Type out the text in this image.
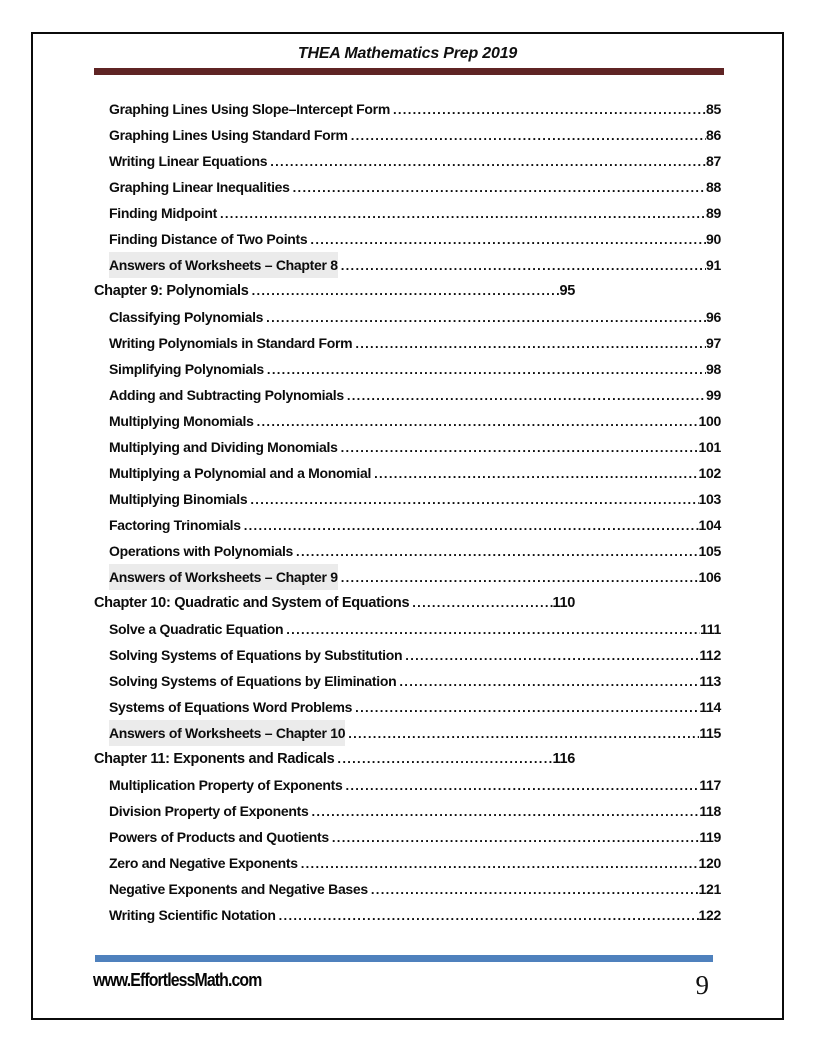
THEA Mathematics Prep 2019
Graphing Lines Using Slope–Intercept Form .....	85
Graphing Lines Using Standard Form .....	86
Writing Linear Equations .....	87
Graphing Linear Inequalities .....	88
Finding Midpoint .....	89
Finding Distance of Two Points .....	90
Answers of Worksheets – Chapter 8 .....	91
Chapter 9: Polynomials .....	95
Classifying Polynomials .....	96
Writing Polynomials in Standard Form .....	97
Simplifying Polynomials .....	98
Adding and Subtracting Polynomials .....	99
Multiplying Monomials .....	100
Multiplying and Dividing Monomials .....	101
Multiplying a Polynomial and a Monomial .....	102
Multiplying Binomials .....	103
Factoring Trinomials .....	104
Operations with Polynomials .....	105
Answers of Worksheets – Chapter 9 .....	106
Chapter 10: Quadratic and System of Equations .....	110
Solve a Quadratic Equation .....	111
Solving Systems of Equations by Substitution .....	112
Solving Systems of Equations by Elimination .....	113
Systems of Equations Word Problems .....	114
Answers of Worksheets – Chapter 10 .....	115
Chapter 11: Exponents and Radicals .....	116
Multiplication Property of Exponents .....	117
Division Property of Exponents .....	118
Powers of Products and Quotients .....	119
Zero and Negative Exponents .....	120
Negative Exponents and Negative Bases .....	121
Writing Scientific Notation .....	122
www.EffortlessMath.com	9
